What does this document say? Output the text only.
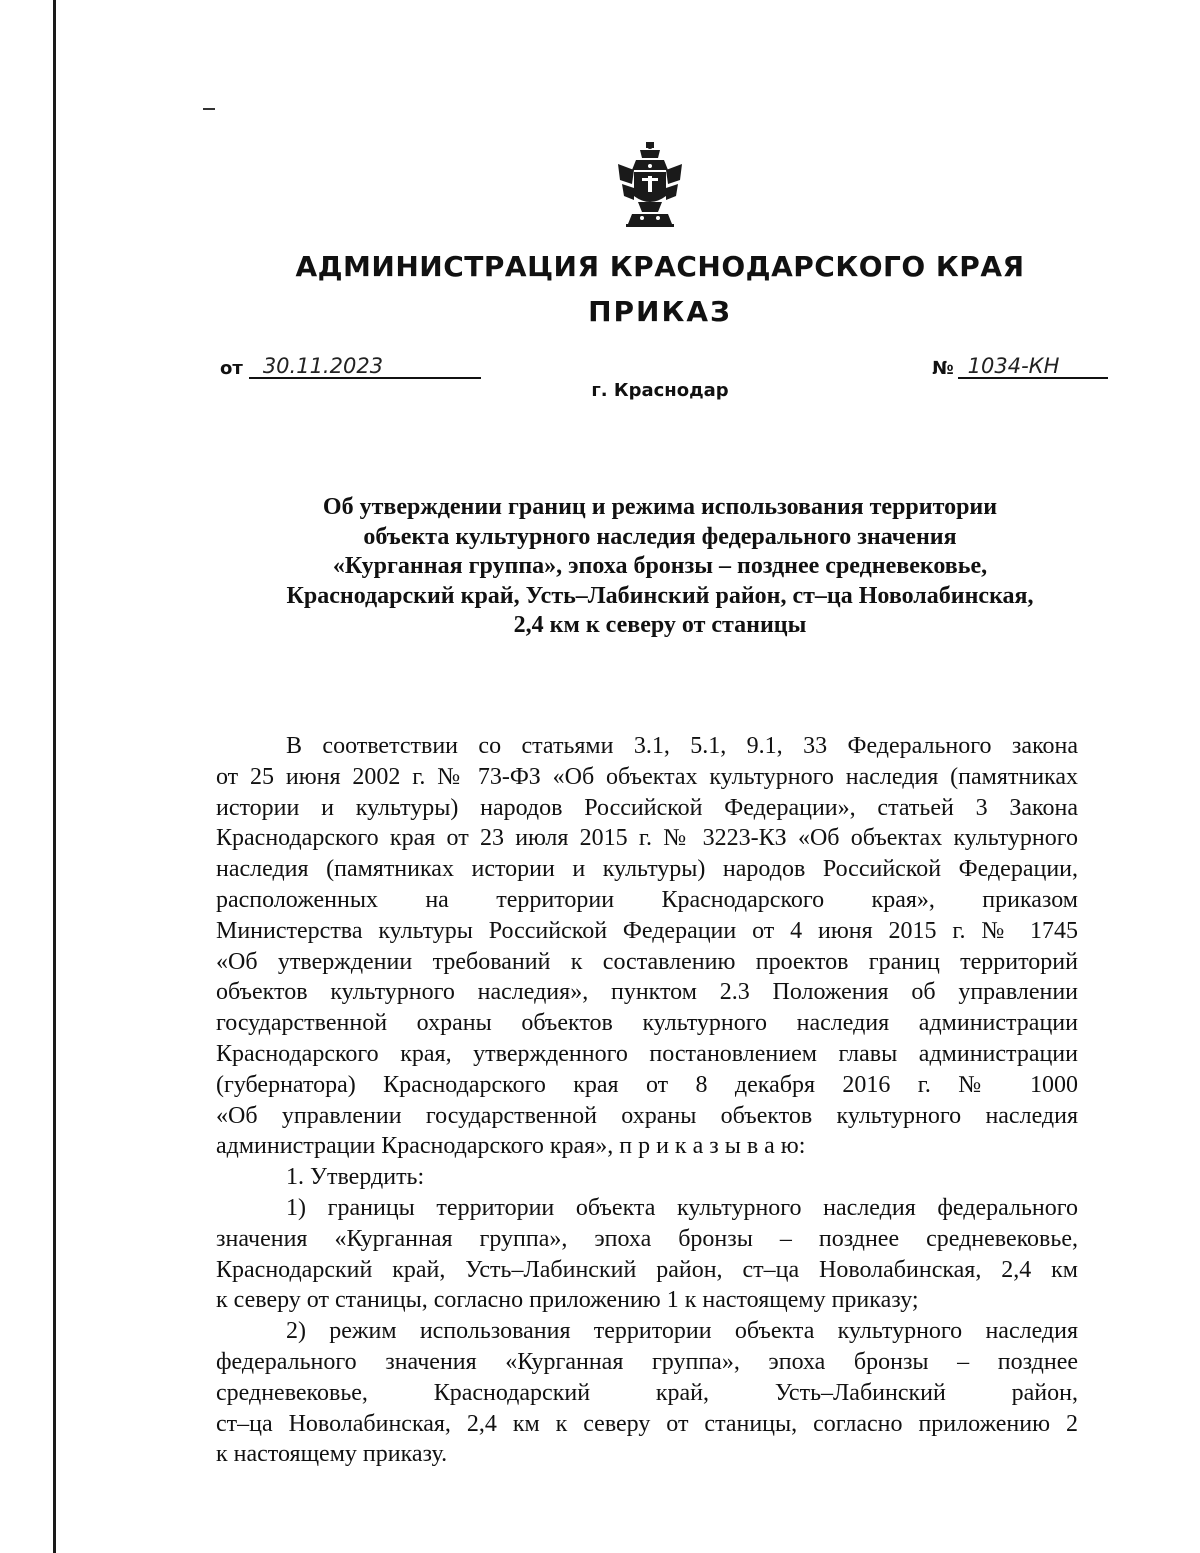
АДМИНИСТРАЦИЯ КРАСНОДАРСКОГО КРАЯ
ПРИКАЗ
от 30.11.2023	№ 1034-КН
г. Краснодар
Об утверждении границ и режима использования территории
объекта культурного наследия федерального значения
«Курганная группа», эпоха бронзы – позднее средневековье,
Краснодарский край, Усть–Лабинский район, ст–ца Новолабинская,
2,4 км к северу от станицы
В соответствии со статьями 3.1, 5.1, 9.1, 33 Федерального закона
от 25 июня 2002 г. № 73-ФЗ «Об объектах культурного наследия (памятниках
истории и культуры) народов Российской Федерации», статьей 3 Закона
Краснодарского края от 23 июля 2015 г. № 3223-КЗ «Об объектах культурного
наследия (памятниках истории и культуры) народов Российской Федерации,
расположенных на территории Краснодарского края», приказом
Министерства культуры Российской Федерации от 4 июня 2015 г. № 1745
«Об утверждении требований к составлению проектов границ территорий
объектов культурного наследия», пунктом 2.3 Положения об управлении
государственной охраны объектов культурного наследия администрации
Краснодарского края, утвержденного постановлением главы администрации
(губернатора) Краснодарского края от 8 декабря 2016 г. № 1000
«Об управлении государственной охраны объектов культурного наследия
администрации Краснодарского края», п р и к а з ы в а ю:
1. Утвердить:
1) границы территории объекта культурного наследия федерального
значения «Курганная группа», эпоха бронзы – позднее средневековье,
Краснодарский край, Усть–Лабинский район, ст–ца Новолабинская, 2,4 км
к северу от станицы, согласно приложению 1 к настоящему приказу;
2) режим использования территории объекта культурного наследия
федерального значения «Курганная группа», эпоха бронзы – позднее
средневековье, Краснодарский край, Усть–Лабинский район,
ст–ца Новолабинская, 2,4 км к северу от станицы, согласно приложению 2
к настоящему приказу.
